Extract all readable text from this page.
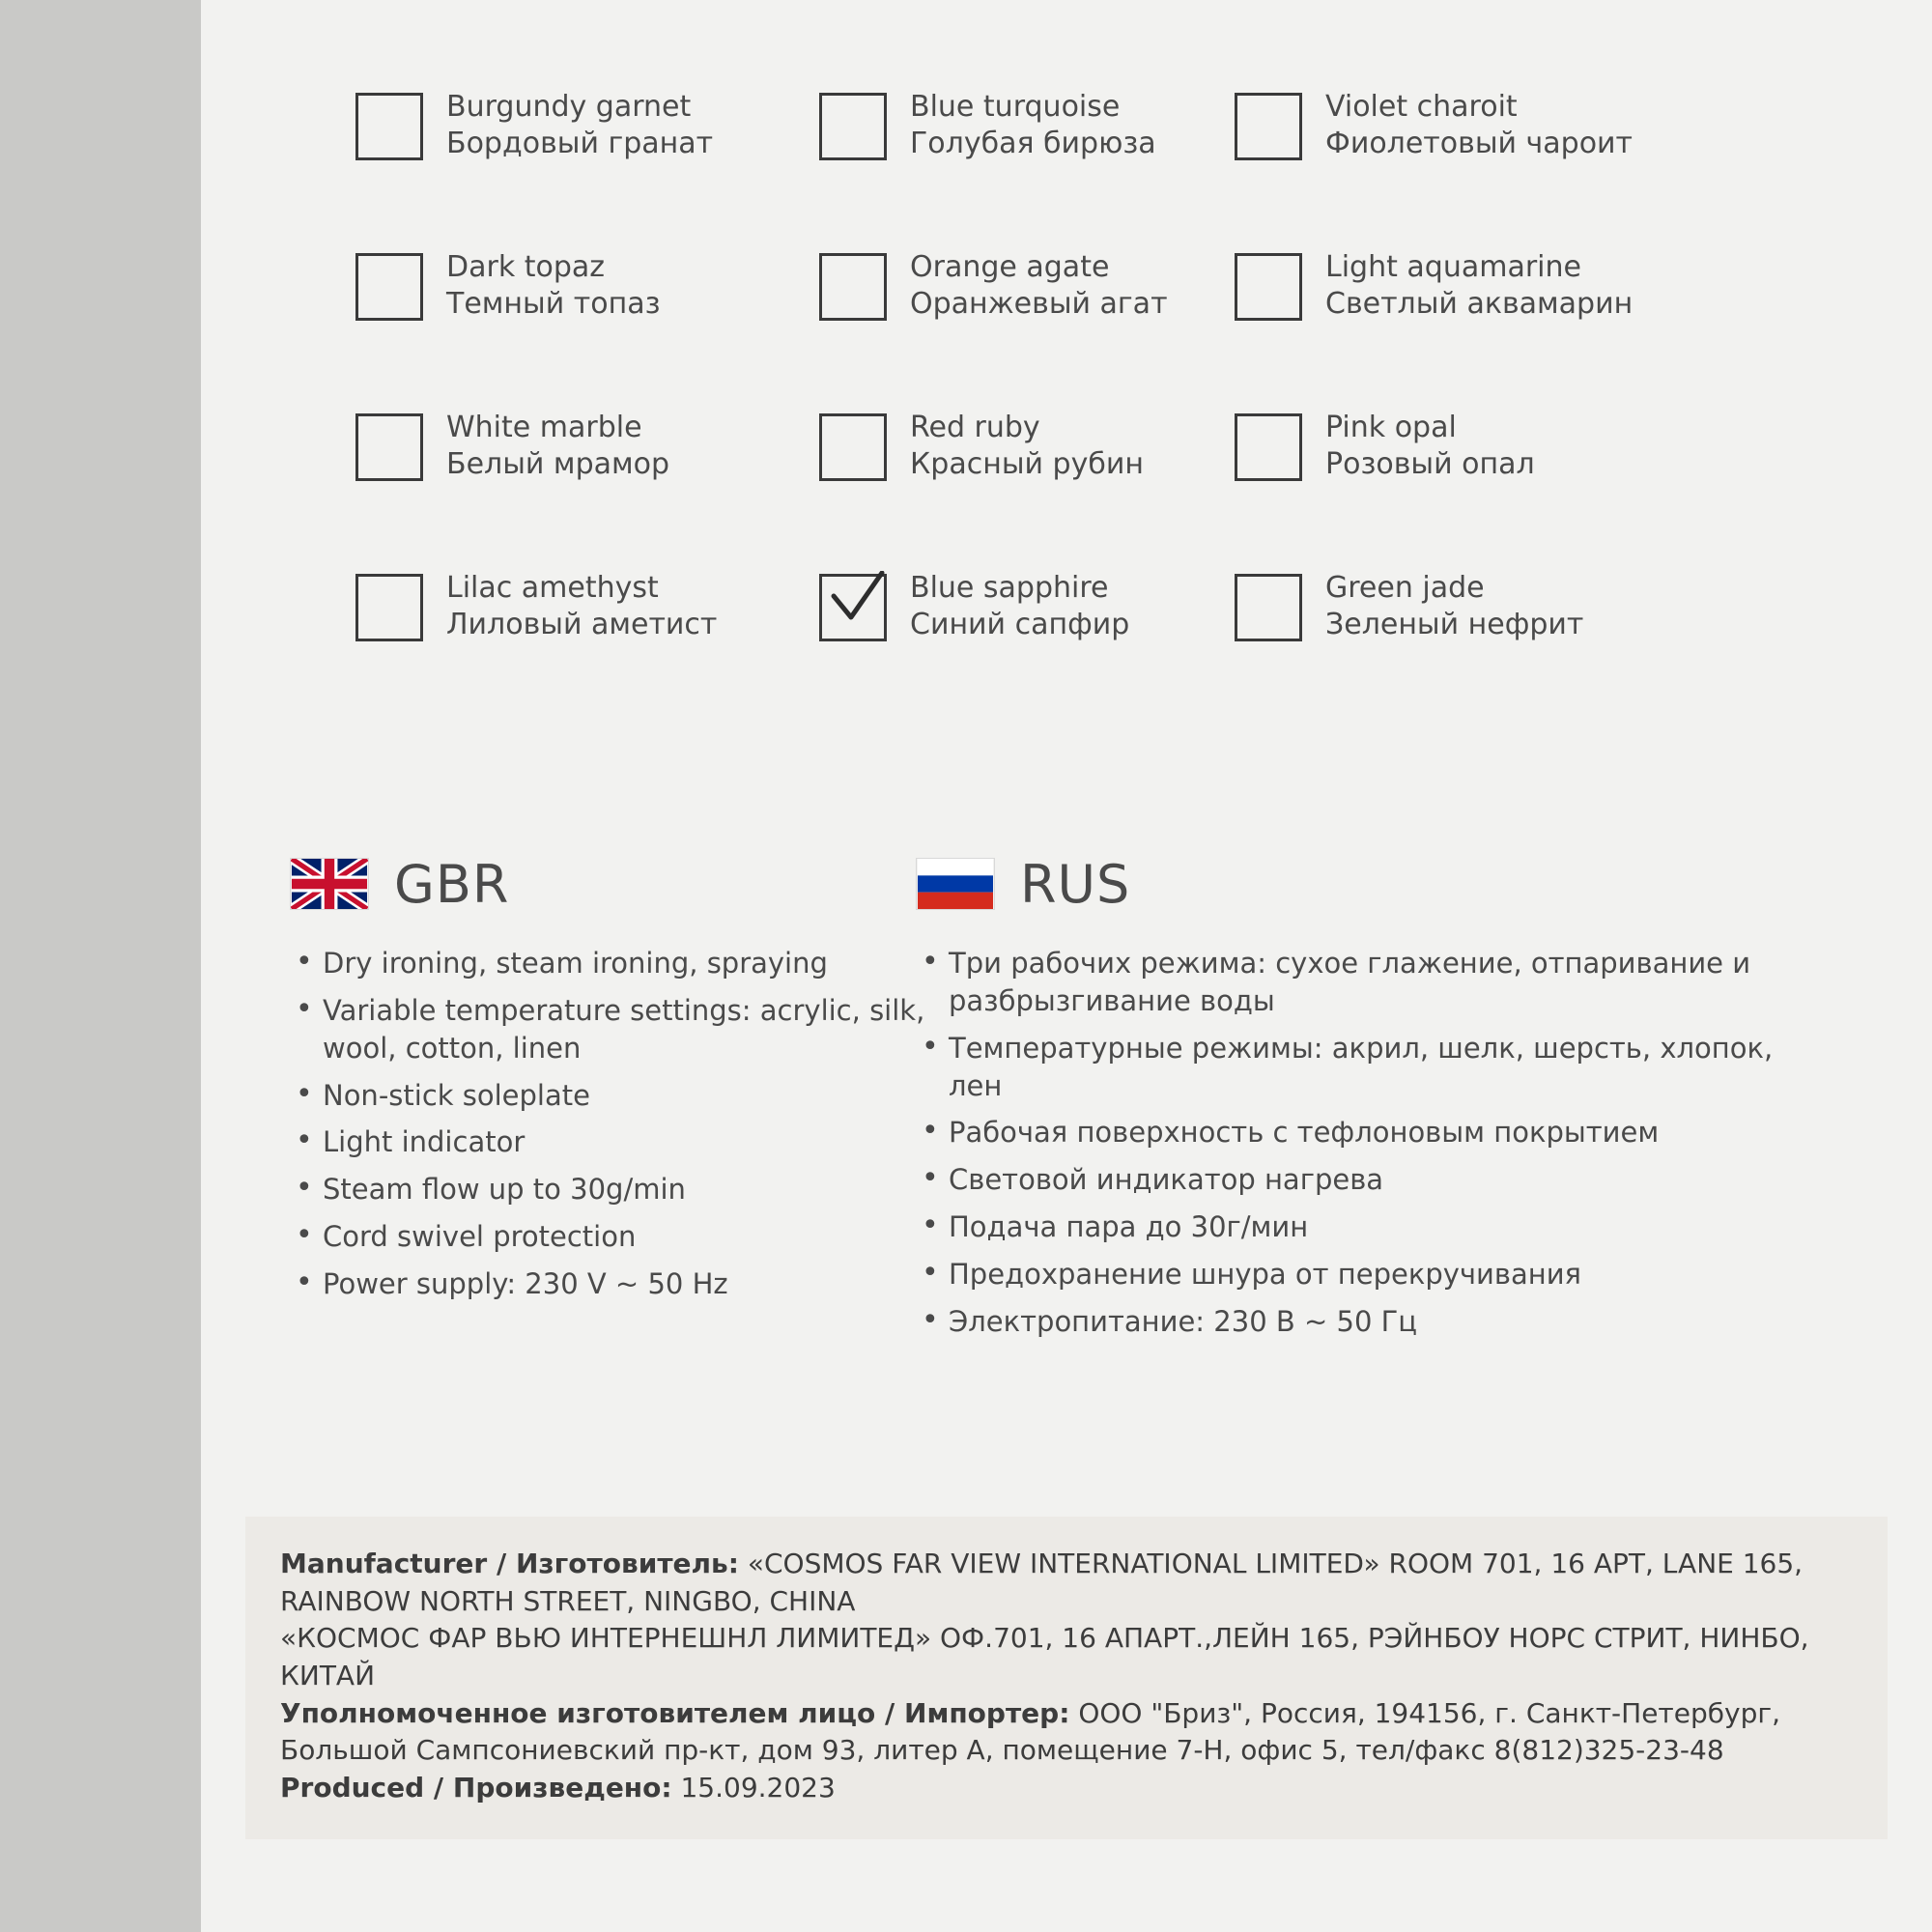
Burgundy garnet
Бордовый гранат
Blue turquoise
Голубая бирюза
Violet charoit
Фиолетовый чароит
Dark topaz
Темный топаз
Orange agate
Оранжевый агат
Light aquamarine
Светлый аквамарин
White marble
Белый мрамор
Red ruby
Красный рубин
Pink opal
Розовый опал
Lilac amethyst
Лиловый аметист
Blue sapphire
Синий сапфир
Green jade
Зеленый нефрит
GBR
• Dry ironing, steam ironing, spraying
• Variable temperature settings: acrylic, silk, wool, cotton, linen
• Non-stick soleplate
• Light indicator
• Steam flow up to 30g/min
• Cord swivel protection
• Power supply: 230 V ~ 50 Hz
RUS
• Три рабочих режима: сухое глажение, отпаривание и разбрызгивание воды
• Температурные режимы: акрил, шелк, шерсть, хлопок, лен
• Рабочая поверхность с тефлоновым покрытием
• Световой индикатор нагрева
• Подача пара до 30г/мин
• Предохранение шнура от перекручивания
• Электропитание: 230 В ~ 50 Гц

Manufacturer / Изготовитель: «COSMOS FAR VIEW INTERNATIONAL LIMITED» ROOM 701, 16 APT, LANE 165, RAINBOW NORTH STREET, NINGBO, CHINA

«КОСМОС ФАР ВЬЮ ИНТЕРНЕШНЛ ЛИМИТЕД» ОФ.701, 16 АПАРТ.,ЛЕЙН 165, РЭЙНБОУ НОРС СТРИТ, НИНБО, КИТАЙ

Уполномоченное изготовителем лицо / Импортер: ООО "Бриз", Россия, 194156, г. Санкт-Петербург, Большой Сампсониевский пр-кт, дом 93, литер А, помещение 7-Н, офис 5, тел/факс 8(812)325-23-48

Produced / Произведено: 15.09.2023
